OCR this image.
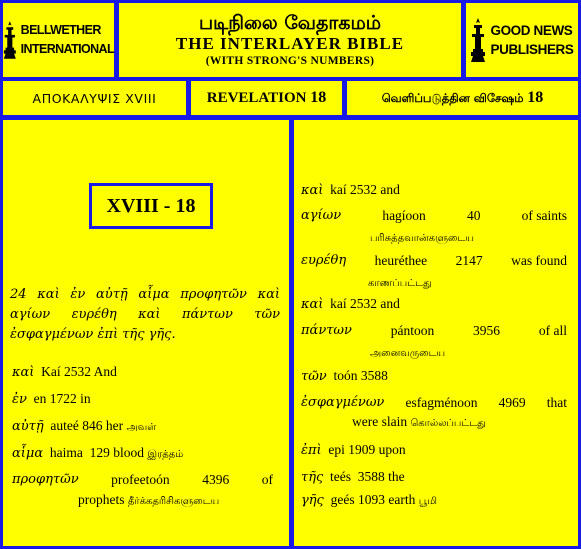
BELLWETHER
INTERNATIONAL
படிநிலை வேதாகமம்
THE INTERLAYER BIBLE
(WITH STRONG'S NUMBERS)
GOOD NEWS
PUBLISHERS
ΑΠΟΚΑΛΥΨΙΣ XVIII	REVELATION 18	வெளிப்படுத்தின விசேஷம் 18
XVIII - 18
24 καὶ ἐν αὐτῇ αἷμα προφητῶν καὶ αγίων ευρέθη καὶ πάντων τῶν ἐσφαγμένων ἐπὶ τῆς γῆς.
καὶ Kaí 2532 And
ἐν en 1722 in
αὐτῇ auteé 846 her அவள்
αἷμα haima 129 blood இரத்தம்
προφητῶν profeetoón 4396 of
prophets தீர்க்கதரிசிகளுடைய
καὶ kaí 2532 and
αγίων	hagíoon	40	of saints
பரிசுத்தவான்களுடைய
ευρέθη heuréthee 2147 was found
காணப்பட்டது
καὶ kaí 2532 and
πάντων	pántoon	3956	of all
அனைவருடைய
τῶν toón 3588
ἐσφαγμένων esfagménoon 4969 that
were slain கொல்லப்பட்டது
ἐπὶ epi 1909 upon
τῆς teés 3588 the
γῆς geés 1093 earth பூமி
